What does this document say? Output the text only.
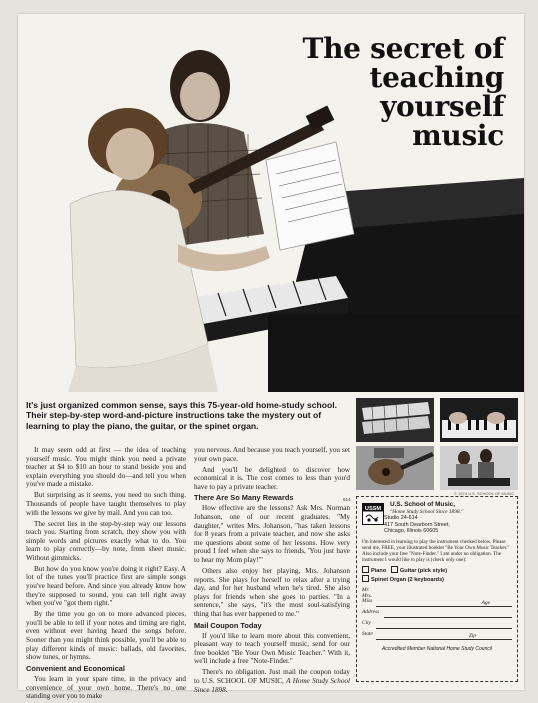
The secret of
teaching yourself
music
It's just organized common sense, says this 75-year-old home-study school. Their step-by-step word-and-picture instructions take the mystery out of learning to play the piano, the guitar, or the spinet organ.

It may seem odd at first — the idea of teaching yourself music. You might think you need a private teacher at $4 to $10 an hour to stand beside you and explain everything you should do—and tell you when you've made a mistake.

But surprising as it seems, you need no such thing. Thousands of people have taught themselves to play with the lessons we give by mail. And you can too.

The secret lies in the step-by-step way our lessons teach you. Starting from scratch, they show you with simple words and pictures exactly what to do. You learn to play correctly—by note, from sheet music. Without gimmicks.

But how do you know you're doing it right? Easy. A lot of the tunes you'll practice first are simple songs you've heard before. And since you already know how they're supposed to sound, you can tell right away when you've "got them right."

By the time you go on to more advanced pieces, you'll be able to tell if your notes and timing are right, even without ever having heard the songs before. Sooner than you might think possible, you'll be able to play different kinds of music: ballads, old favorites, show tunes, or hymns.

Convenient and Economical

You learn in your spare time, in the privacy and convenience of your own home. There's no one standing over you to make

you nervous. And because you teach yourself, you set your own pace.

And you'll be delighted to discover how economical it is. The cost comes to less than you'd have to pay a private teacher.

There Are So Many Rewards

How effective are the lessons? Ask Mrs. Norman Johanson, one of our recent graduates. "My daughter," writes Mrs. Johanson, "has taken lessons for 8 years from a private teacher, and now she asks me questions about some of her lessons. How very proud I feel when she says to friends, 'You just have to hear my Mom play!'"

Others also enjoy her playing, Mrs. Johanson reports. She plays for herself to relax after a trying day, and for her husband when he's tired. She also plays for friends when she goes to parties. "In a sentence," she says, "it's the most soul-satisfying thing that has ever happened to me."

Mail Coupon Today

If you'd like to learn more about this convenient, pleasant way to teach yourself music, send for our free booklet "Be Your Own Music Teacher." With it, we'll include a free "Note-Finder."

There's no obligation. Just mail the coupon today to U.S. SCHOOL OF MUSIC, A Home Study School Since 1898.

© 1974 U.S. SCHOOL OF MUSIC
614
USSM
U.S. School of Music,
"Home Study School Since 1898."
Studio 24-614
417 South Dearborn Street,
Chicago, Illinois 60605
I'm interested in learning to play the instrument checked below. Please send me, FREE, your illustrated booklet "Be Your Own Music Teacher." Also include your free "Note-Finder." I am under no obligation. The instrument I would like to play is (check only one):
Piano Guitar (pick style)
Spinet Organ (2 keyboards)
Mr.
Mrs.
Miss	Age
Address
City
State	Zip
Accredited Member National Home Study Council
